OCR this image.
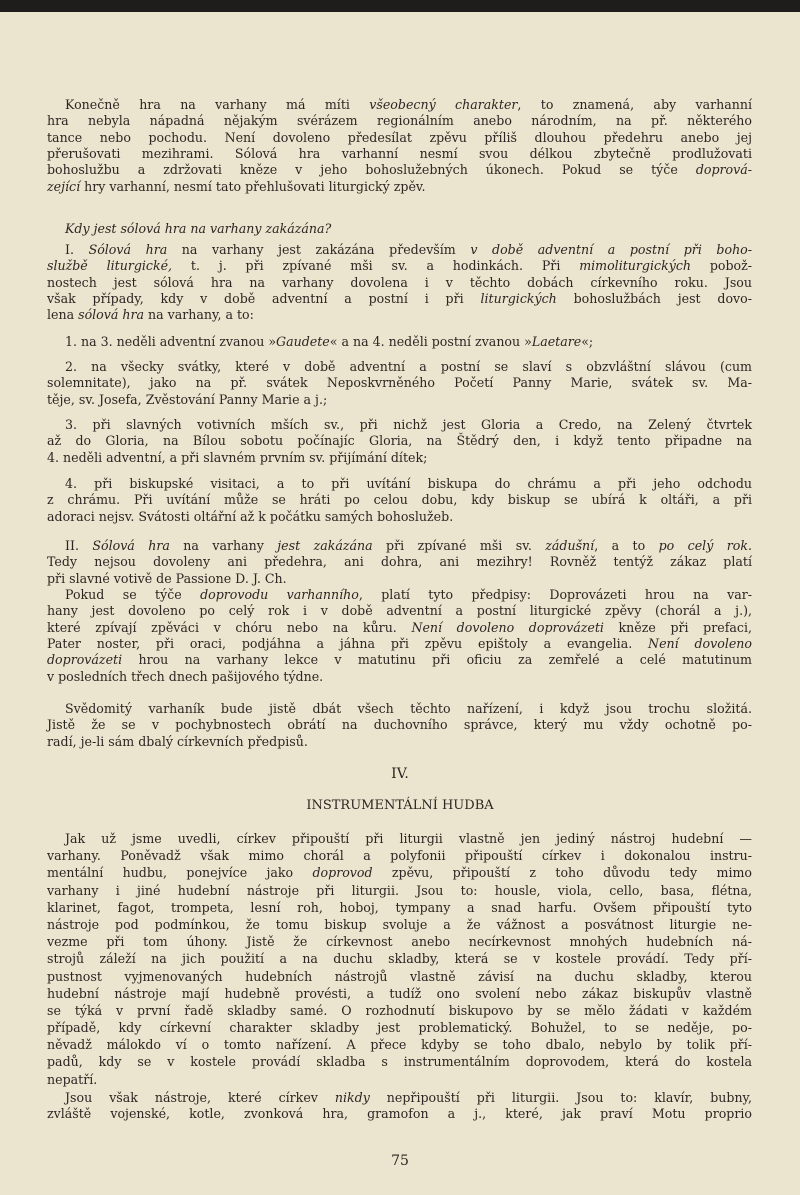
Konečně hra na varhany má míti všeobecný charakter, to znamená, aby varhanní
hra nebyla nápadná nějakým svérázem regionálním anebo národním, na př. některého
tance nebo pochodu. Není dovoleno předesílat zpěvu příliš dlouhou předehru anebo jej
přerušovati mezihrami. Sólová hra varhanní nesmí svou délkou zbytečně prodlužovati
bohoslužbu a zdržovati kněze v jeho bohoslužebných úkonech. Pokud se týče doprová-
zející hry varhanní, nesmí tato přehlušovati liturgický zpěv.
Kdy jest sólová hra na varhany zakázána?
I. Sólová hra na varhany jest zakázána především v době adventní a postní při boho-
službě liturgické, t. j. při zpívané mši sv. a hodinkách. Při mimoliturgických pobož-
nostech jest sólová hra na varhany dovolena i v těchto dobách církevního roku. Jsou
však případy, kdy v době adventní a postní i při liturgických bohoslužbách jest dovo-
lena sólová hra na varhany, a to:
1. na 3. neděli adventní zvanou »Gaudete« a na 4. neděli postní zvanou »Laetare«;
2. na všecky svátky, které v době adventní a postní se slaví s obzvláštní slávou (cum
solemnitate), jako na př. svátek Neposkvrněného Početí Panny Marie, svátek sv. Ma-
těje, sv. Josefa, Zvěstování Panny Marie a j.;
3. při slavných votivních mších sv., při nichž jest Gloria a Credo, na Zelený čtvrtek
až do Gloria, na Bílou sobotu počínajíc Gloria, na Štědrý den, i když tento připadne na
4. neděli adventní, a při slavném prvním sv. přijímání dítek;
4. při biskupské visitaci, a to při uvítání biskupa do chrámu a při jeho odchodu
z chrámu. Při uvítání může se hráti po celou dobu, kdy biskup se ubírá k oltáři, a při
adoraci nejsv. Svátosti oltářní až k počátku samých bohoslužeb.
II. Sólová hra na varhany jest zakázána při zpívané mši sv. zádušní, a to po celý rok.
Tedy nejsou dovoleny ani předehra, ani dohra, ani mezihry! Rovněž tentýž zákaz platí
při slavné votivě de Passione D. J. Ch.
Pokud se týče doprovodu varhanního, platí tyto předpisy: Doprovázeti hrou na var-
hany jest dovoleno po celý rok i v době adventní a postní liturgické zpěvy (chorál a j.),
které zpívají zpěváci v chóru nebo na kůru. Není dovoleno doprovázeti kněze při prefaci,
Pater noster, při oraci, podjáhna a jáhna při zpěvu epištoly a evangelia. Není dovoleno
doprovázeti hrou na varhany lekce v matutinu při oficiu za zemřelé a celé matutinum
v posledních třech dnech pašijového týdne.
Svědomitý varhaník bude jistě dbát všech těchto nařízení, i když jsou trochu složitá.
Jistě že se v pochybnostech obrátí na duchovního správce, který mu vždy ochotně po-
radí, je-li sám dbalý církevních předpisů.
IV.
INSTRUMENTÁLNÍ HUDBA
Jak už jsme uvedli, církev připouští při liturgii vlastně jen jediný nástroj hudební —
varhany. Poněvadž však mimo chorál a polyfonii připouští církev i dokonalou instru-
mentální hudbu, ponejvíce jako doprovod zpěvu, připouští z toho důvodu tedy mimo
varhany i jiné hudební nástroje při liturgii. Jsou to: housle, viola, cello, basa, flétna,
klarinet, fagot, trompeta, lesní roh, hoboj, tympany a snad harfu. Ovšem připouští tyto
nástroje pod podmínkou, že tomu biskup svoluje a že vážnost a posvátnost liturgie ne-
vezme při tom úhony. Jistě že církevnost anebo necírkevnost mnohých hudebních ná-
strojů záleží na jich použití a na duchu skladby, která se v kostele provádí. Tedy pří-
pustnost vyjmenovaných hudebních nástrojů vlastně závisí na duchu skladby, kterou
hudební nástroje mají hudebně provésti, a tudíž ono svolení nebo zákaz biskupův vlastně
se týká v první řadě skladby samé. O rozhodnutí biskupovo by se mělo žádati v každém
případě, kdy církevní charakter skladby jest problematický. Bohužel, to se neděje, po-
něvadž málokdo ví o tomto nařízení. A přece kdyby se toho dbalo, nebylo by tolik pří-
padů, kdy se v kostele provádí skladba s instrumentálním doprovodem, která do kostela
nepatří.
Jsou však nástroje, které církev nikdy nepřipouští při liturgii. Jsou to: klavír, bubny,
zvláště vojenské, kotle, zvonková hra, gramofon a j., které, jak praví Motu proprio
75
